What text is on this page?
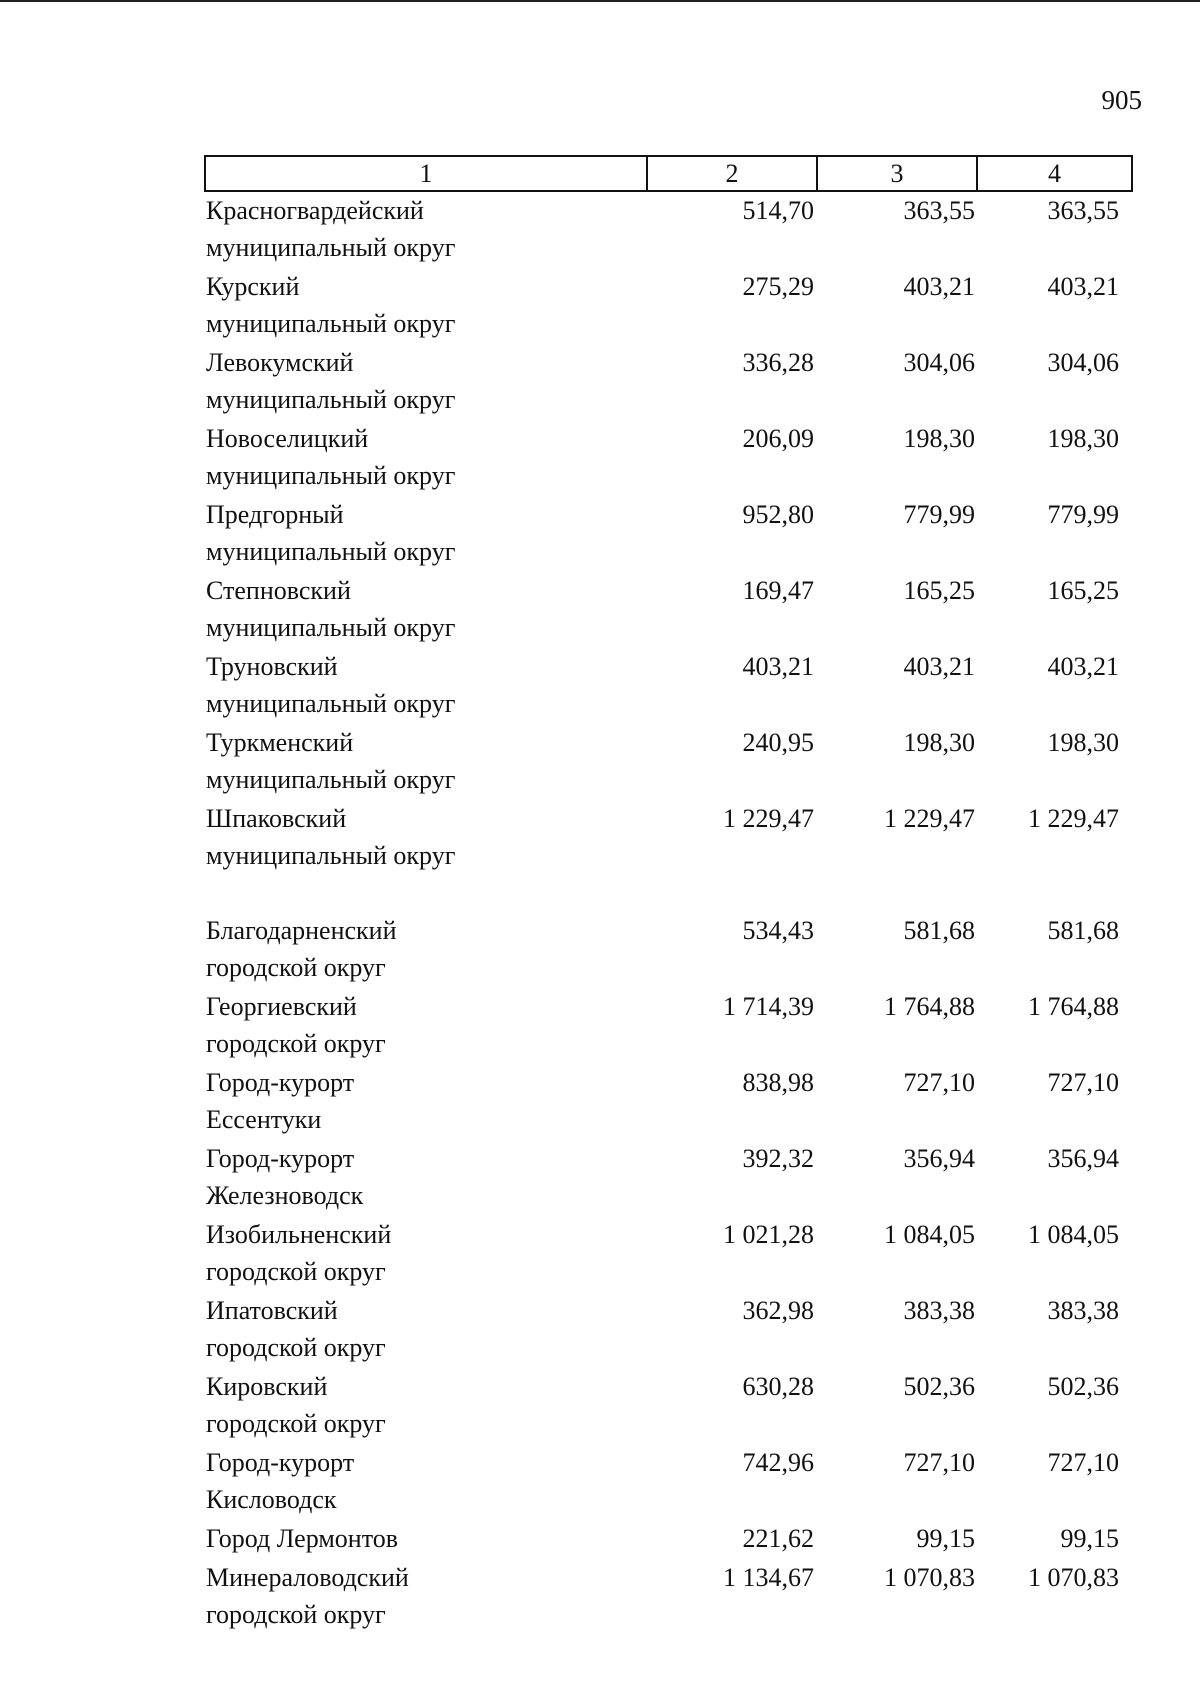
905
1	2	3	4
Красногвардейский
муниципальный округ
514,70	363,55	363,55
Курский
муниципальный округ
275,29	403,21	403,21
Левокумский
муниципальный округ
336,28	304,06	304,06
Новоселицкий
муниципальный округ
206,09	198,30	198,30
Предгорный
муниципальный округ
952,80	779,99	779,99
Степновский
муниципальный округ
169,47	165,25	165,25
Труновский
муниципальный округ
403,21	403,21	403,21
Туркменский
муниципальный округ
240,95	198,30	198,30
Шпаковский
муниципальный округ
1 229,47	1 229,47	1 229,47
Благодарненский
городской округ
534,43	581,68	581,68
Георгиевский
городской округ
1 714,39	1 764,88	1 764,88
Город-курорт
Ессентуки
838,98	727,10	727,10
Город-курорт
Железноводск
392,32	356,94	356,94
Изобильненский
городской округ
1 021,28	1 084,05	1 084,05
Ипатовский
городской округ
362,98	383,38	383,38
Кировский
городской округ
630,28	502,36	502,36
Город-курорт
Кисловодск
742,96	727,10	727,10
Город Лермонтов	221,62	99,15	99,15
Минераловодский
городской округ
1 134,67	1 070,83	1 070,83
